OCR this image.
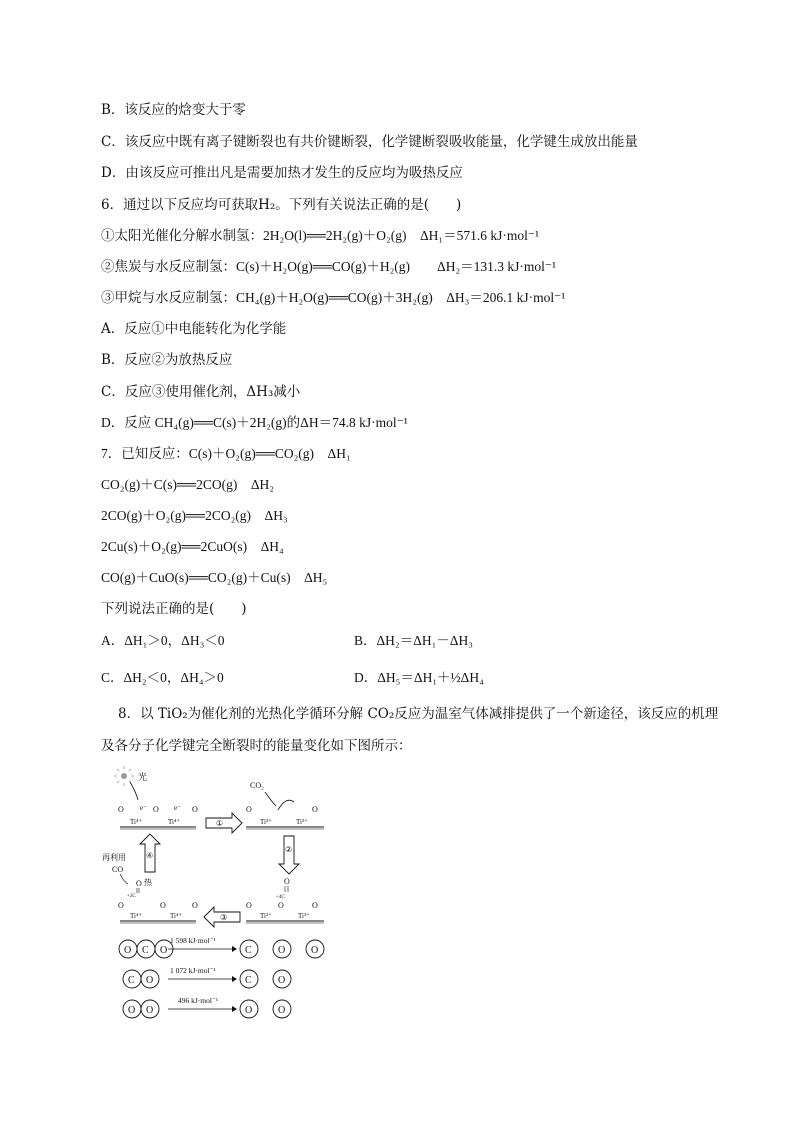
B．该反应的焓变大于零
C．该反应中既有离子键断裂也有共价键断裂，化学键断裂吸收能量，化学键生成放出能量
D．由该反应可推出凡是需要加热才发生的反应均为吸热反应
6．通过以下反应均可获取H₂。下列有关说法正确的是(　　)
①太阳光催化分解水制氢：2H₂O(l)══2H₂(g)＋O₂(g)　ΔH₁＝571.6 kJ·mol⁻¹
②焦炭与水反应制氢：C(s)＋H₂O(g)══CO(g)＋H₂(g)　　ΔH₂＝131.3 kJ·mol⁻¹
③甲烷与水反应制氢：CH₄(g)＋H₂O(g)══CO(g)＋3H₂(g)　ΔH₃＝206.1 kJ·mol⁻¹
A．反应①中电能转化为化学能
B．反应②为放热反应
C．反应③使用催化剂，ΔH₃减小
D．反应 CH₄(g)══C(s)＋2H₂(g)的ΔH＝74.8 kJ·mol⁻¹
7．已知反应：C(s)＋O₂(g)══CO₂(g)　ΔH₁
CO₂(g)＋C(s)══2CO(g)　ΔH₂
2CO(g)＋O₂(g)══2CO₂(g)　ΔH₃
2Cu(s)＋O₂(g)══2CuO(s)　ΔH₄
CO(g)＋CuO(s)══CO₂(g)＋Cu(s)　ΔH₅
下列说法正确的是(　　)
A．ΔH₁＞0，ΔH₃＜0	B．ΔH₂＝ΔH₁－ΔH₃
C．ΔH₂＜0，ΔH₄＞0	D．ΔH₅＝ΔH₁＋½ΔH₄
8．以 TiO₂为催化剂的光热化学循环分解 CO₂反应为温室气体减排提供了一个新途径，该反应的机理
及各分子化学键完全断裂时的能量变化如下图所示：
光
O e⁻ O e⁻ O
Ti⁴⁺	Ti⁴⁺	①
CO₂
O	O
Ti³⁺	Ti³⁺
②
④
再利用
CO
O 热
+2C
O	O	O
Ti⁴⁺	Ti⁴⁺	③
O
+4C
O	O	O
Ti³⁺	Ti³⁺
O C O
1 598 kJ·mol⁻¹
C	O	O
C O
1 072 kJ·mol⁻¹
C	O
O O
496 kJ·mol⁻¹
O	O
